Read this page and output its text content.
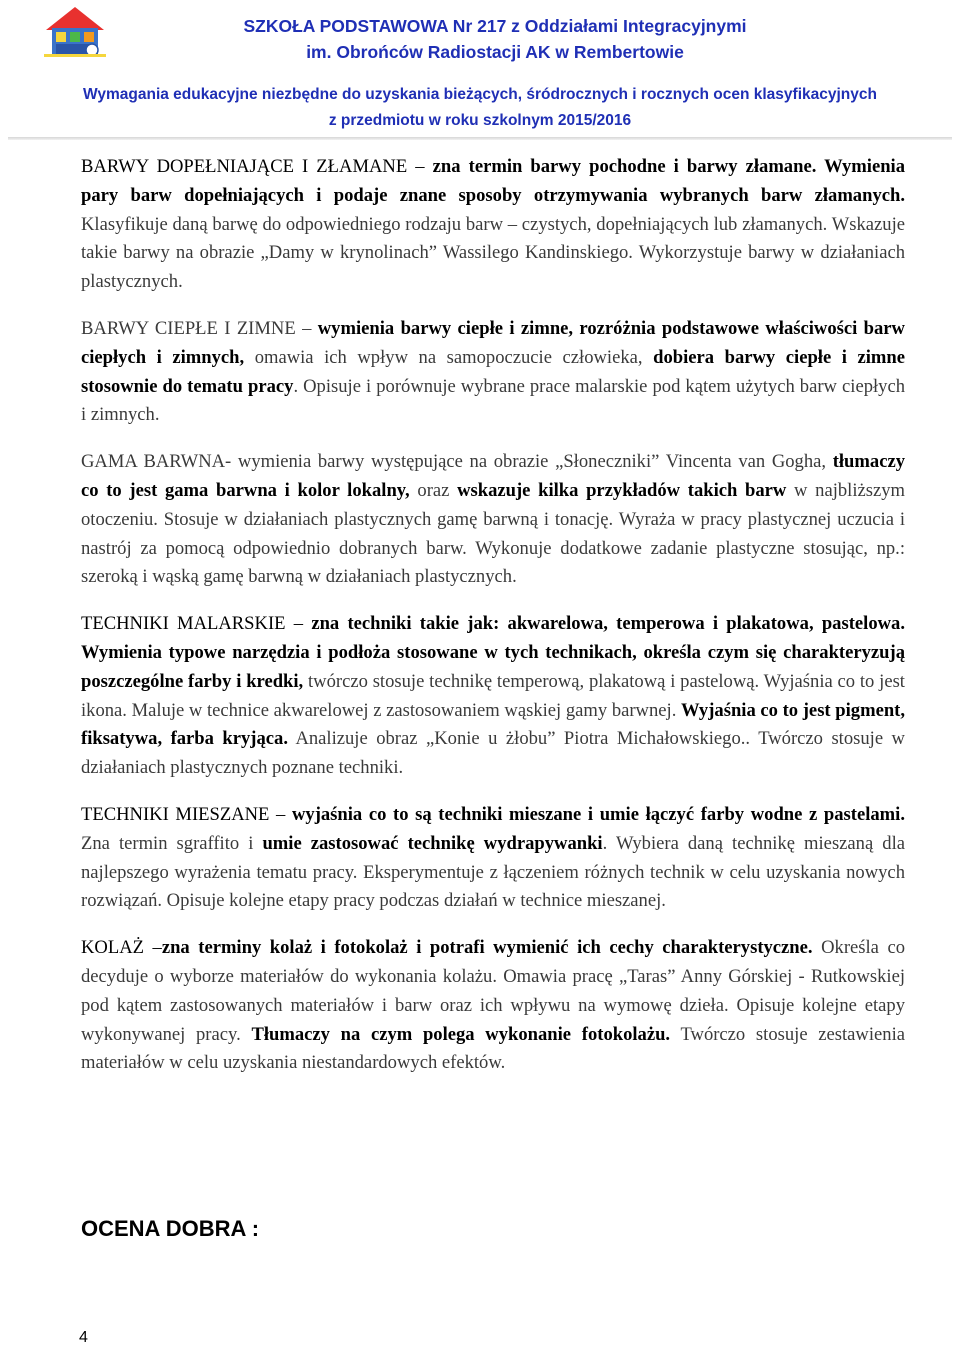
SZKOŁA PODSTAWOWA Nr 217 z Oddziałami Integracyjnymi
im. Obrońców Radiostacji AK w Rembertowie
Wymagania edukacyjne niezbędne do uzyskania bieżących, śródrocznych i rocznych ocen klasyfikacyjnych
z przedmiotu w roku szkolnym 2015/2016

BARWY DOPEŁNIAJĄCE I ZŁAMANE – zna termin barwy pochodne i barwy złamane. Wymienia pary barw dopełniających i podaje znane sposoby otrzymywania wybranych barw złamanych. Klasyfikuje daną barwę do odpowiedniego rodzaju barw – czystych, dopełniających lub złamanych. Wskazuje takie barwy na obrazie „Damy w krynolinach” Wassilego Kandinskiego. Wykorzystuje barwy w działaniach plastycznych.

BARWY CIEPŁE I ZIMNE – wymienia barwy ciepłe i zimne, rozróżnia podstawowe właściwości barw ciepłych i zimnych, omawia ich wpływ na samopoczucie człowieka, dobiera barwy ciepłe i zimne stosownie do tematu pracy. Opisuje i porównuje wybrane prace malarskie pod kątem użytych barw ciepłych i zimnych.

GAMA BARWNA- wymienia barwy występujące na obrazie „Słoneczniki” Vincenta van Gogha, tłumaczy co to jest gama barwna i kolor lokalny, oraz wskazuje kilka przykładów takich barw w najbliższym otoczeniu. Stosuje w działaniach plastycznych gamę barwną i tonację. Wyraża w pracy plastycznej uczucia i nastrój za pomocą odpowiednio dobranych barw. Wykonuje dodatkowe zadanie plastyczne stosując, np.: szeroką i wąską gamę barwną w działaniach plastycznych.

TECHNIKI MALARSKIE – zna techniki takie jak: akwarelowa, temperowa i plakatowa, pastelowa. Wymienia typowe narzędzia i podłoża stosowane w tych technikach, określa czym się charakteryzują poszczególne farby i kredki, twórczo stosuje technikę temperową, plakatową i pastelową. Wyjaśnia co to jest ikona. Maluje w technice akwarelowej z zastosowaniem wąskiej gamy barwnej. Wyjaśnia co to jest pigment, fiksatywa, farba kryjąca. Analizuje obraz „Konie u żłobu” Piotra Michałowskiego.. Twórczo stosuje w działaniach plastycznych poznane techniki.

TECHNIKI MIESZANE – wyjaśnia co to są techniki mieszane i umie łączyć farby wodne z pastelami. Zna termin sgraffito i umie zastosować technikę wydrapywanki. Wybiera daną technikę mieszaną dla najlepszego wyrażenia tematu pracy. Eksperymentuje z łączeniem różnych technik w celu uzyskania nowych rozwiązań. Opisuje kolejne etapy pracy podczas działań w technice mieszanej.

KOLAŻ –zna terminy kolaż i fotokolaż i potrafi wymienić ich cechy charakterystyczne. Określa co decyduje o wyborze materiałów do wykonania kolażu. Omawia pracę „Taras” Anny Górskiej - Rutkowskiej pod kątem zastosowanych materiałów i barw oraz ich wpływu na wymowę dzieła. Opisuje kolejne etapy wykonywanej pracy. Tłumaczy na czym polega wykonanie fotokolażu. Twórczo stosuje zestawienia materiałów w celu uzyskania niestandardowych efektów.

OCENA DOBRA :
4
